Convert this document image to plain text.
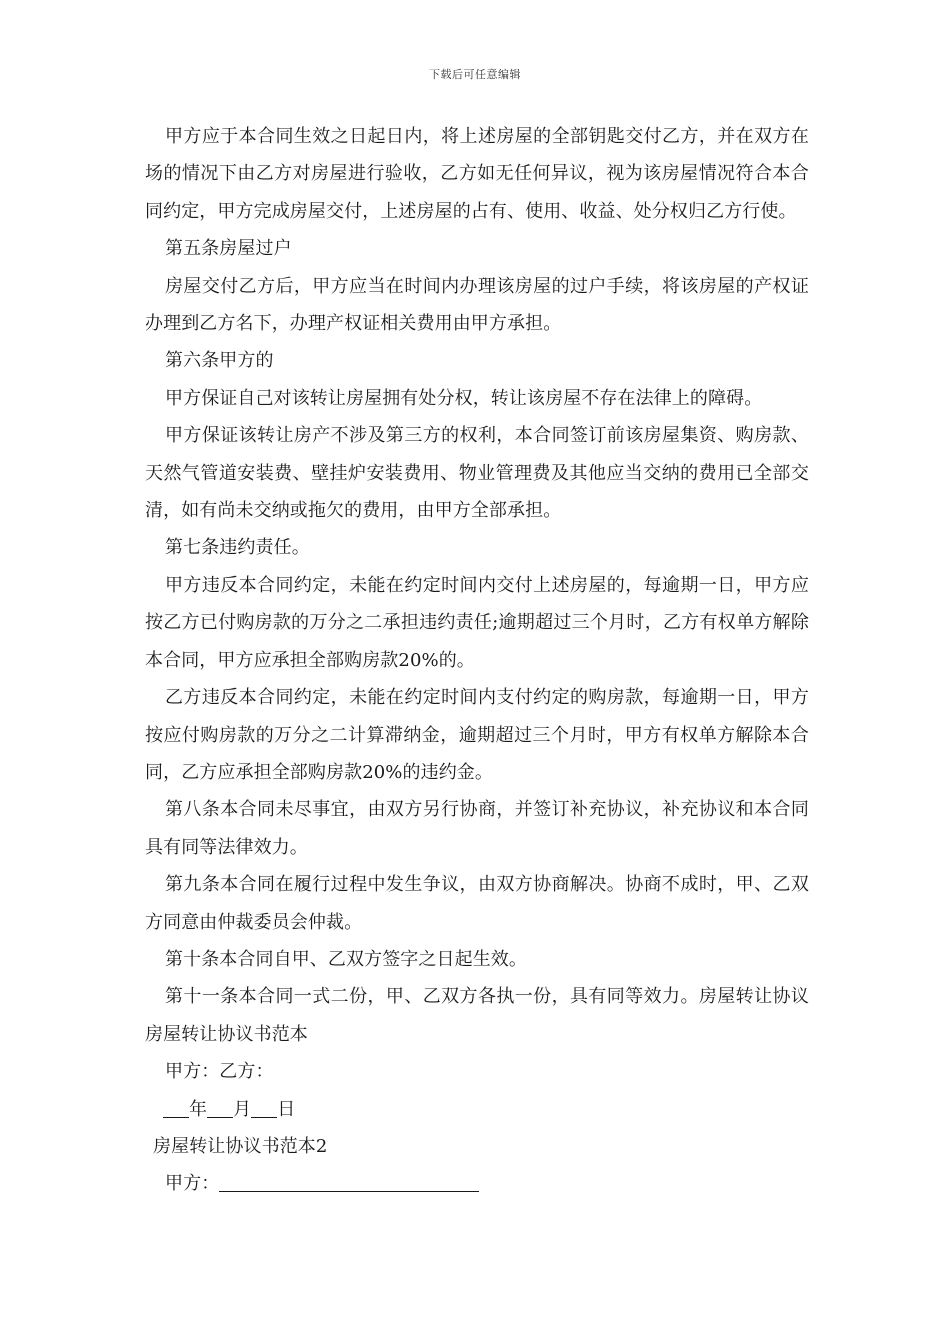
下载后可任意编辑

甲方应于本合同生效之日起日内，将上述房屋的全部钥匙交付乙方，并在双方在场的情况下由乙方对房屋进行验收，乙方如无任何异议，视为该房屋情况符合本合同约定，甲方完成房屋交付，上述房屋的占有、使用、收益、处分权归乙方行使。

第五条房屋过户

房屋交付乙方后，甲方应当在时间内办理该房屋的过户手续，将该房屋的产权证办理到乙方名下，办理产权证相关费用由甲方承担。

第六条甲方的

甲方保证自己对该转让房屋拥有处分权，转让该房屋不存在法律上的障碍。

甲方保证该转让房产不涉及第三方的权利，本合同签订前该房屋集资、购房款、天然气管道安装费、壁挂炉安装费用、物业管理费及其他应当交纳的费用已全部交清，如有尚未交纳或拖欠的费用，由甲方全部承担。

第七条违约责任。

甲方违反本合同约定，未能在约定时间内交付上述房屋的，每逾期一日，甲方应按乙方已付购房款的万分之二承担违约责任;逾期超过三个月时，乙方有权单方解除本合同，甲方应承担全部购房款20%的。

乙方违反本合同约定，未能在约定时间内支付约定的购房款，每逾期一日，甲方按应付购房款的万分之二计算滞纳金，逾期超过三个月时，甲方有权单方解除本合同，乙方应承担全部购房款20%的违约金。

第八条本合同未尽事宜，由双方另行协商，并签订补充协议，补充协议和本合同具有同等法律效力。

第九条本合同在履行过程中发生争议，由双方协商解决。协商不成时，甲、乙双方同意由仲裁委员会仲裁。

第十条本合同自甲、乙双方签字之日起生效。

第十一条本合同一式二份，甲、乙双方各执一份，具有同等效力。房屋转让协议 房屋转让协议书范本

甲方：乙方：

年 月 日

房屋转让协议书范本2

甲方：
